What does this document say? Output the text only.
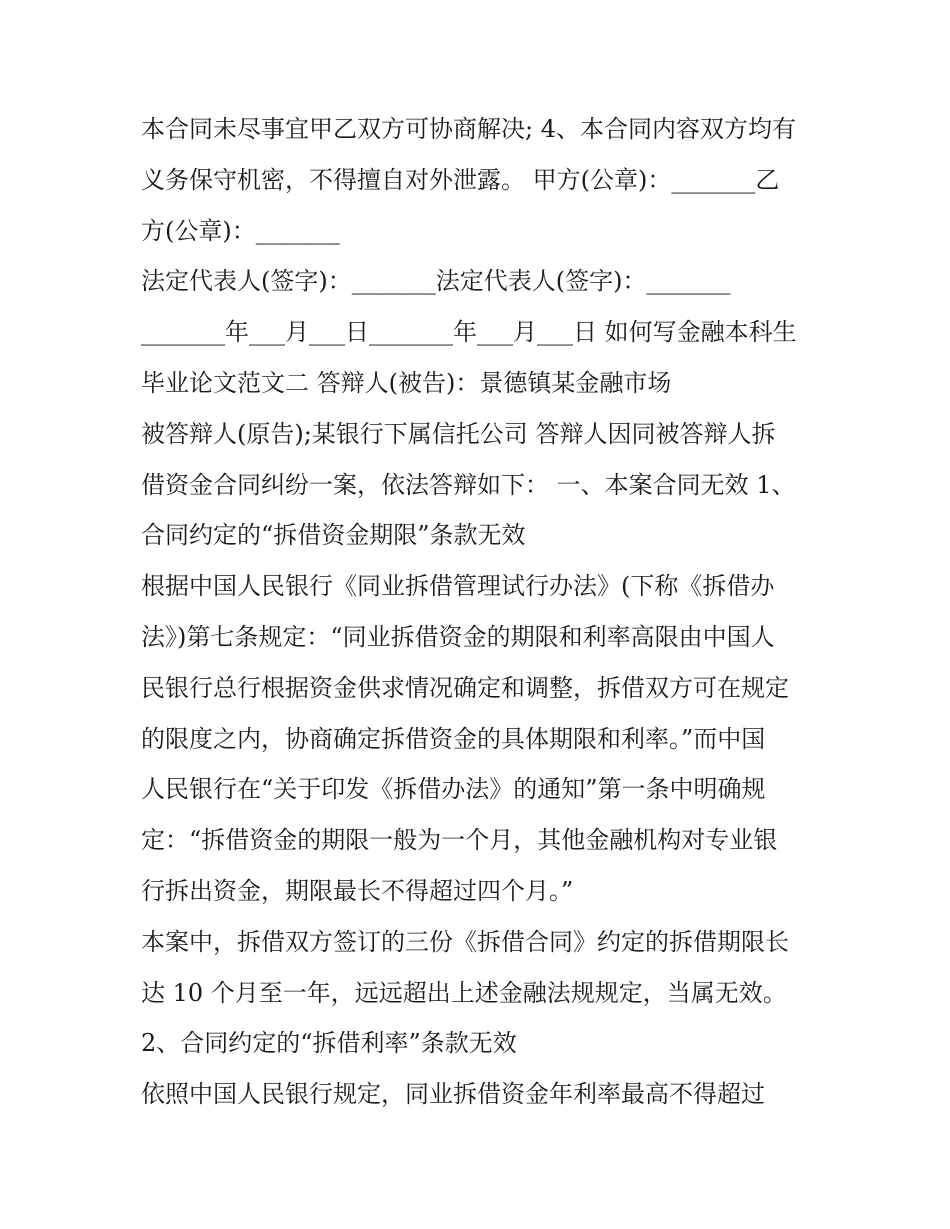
本合同未尽事宜甲乙双方可协商解决; 4、本合同内容双方均有
义务保守机密，不得擅自对外泄露。 甲方(公章)：_______乙
方(公章)：_______
法定代表人(签字)：_______法定代表人(签字)：_______
_______年___月___日_______年___月___日 如何写金融本科生
毕业论文范文二 答辩人(被告)：景德镇某金融市场
被答辩人(原告);某银行下属信托公司 答辩人因同被答辩人拆
借资金合同纠纷一案，依法答辩如下： 一、本案合同无效 1、
合同约定的“拆借资金期限”条款无效
根据中国人民银行《同业拆借管理试行办法》(下称《拆借办
法》)第七条规定：“同业拆借资金的期限和利率高限由中国人
民银行总行根据资金供求情况确定和调整，拆借双方可在规定
的限度之内，协商确定拆借资金的具体期限和利率。”而中国
人民银行在“关于印发《拆借办法》的通知”第一条中明确规
定：“拆借资金的期限一般为一个月，其他金融机构对专业银
行拆出资金，期限最长不得超过四个月。”
本案中，拆借双方签订的三份《拆借合同》约定的拆借期限长
达 10 个月至一年，远远超出上述金融法规规定，当属无效。
2、合同约定的“拆借利率”条款无效
依照中国人民银行规定，同业拆借资金年利率最高不得超过
